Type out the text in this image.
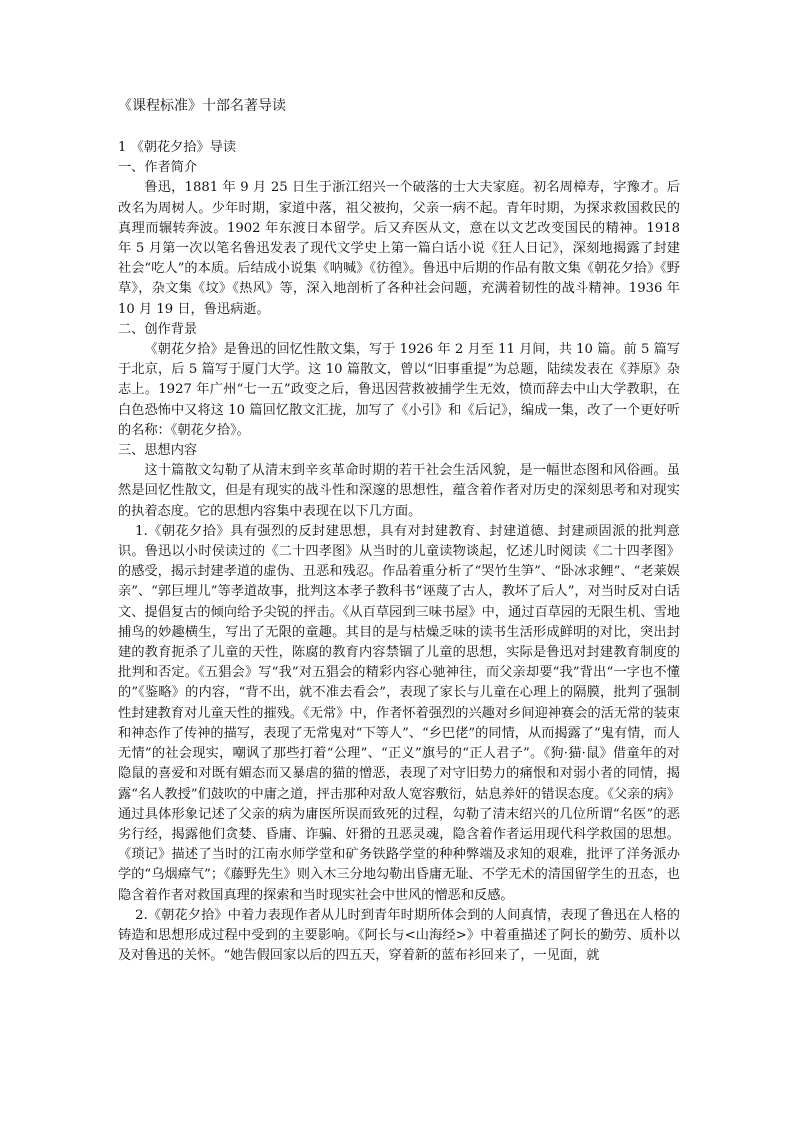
《课程标准》十部名著导读

1 《朝花夕拾》导读

一、作者简介

鲁迅，1881 年 9 月 25 日生于浙江绍兴一个破落的士大夫家庭。初名周樟寿，字豫才。后改名为周树人。少年时期，家道中落，祖父被拘，父亲一病不起。青年时期，为探求救国救民的真理而辗转奔波。1902 年东渡日本留学。后又弃医从文，意在以文艺改变国民的精神。1918 年 5 月第一次以笔名鲁迅发表了现代文学史上第一篇白话小说《狂人日记》，深刻地揭露了封建社会“吃人”的本质。后结成小说集《呐喊》《彷徨》。鲁迅中后期的作品有散文集《朝花夕拾》《野草》，杂文集《坟》《热风》等，深入地剖析了各种社会问题，充满着韧性的战斗精神。1936 年 10 月 19 日，鲁迅病逝。

二、创作背景

《朝花夕拾》是鲁迅的回忆性散文集，写于 1926 年 2 月至 11 月间，共 10 篇。前 5 篇写于北京，后 5 篇写于厦门大学。这 10 篇散文，曾以“旧事重提”为总题，陆续发表在《莽原》杂志上。1927 年广州“七一五”政变之后，鲁迅因营救被捕学生无效，愤而辞去中山大学教职，在白色恐怖中又将这 10 篇回忆散文汇拢，加写了《小引》和《后记》，编成一集，改了一个更好听的名称：《朝花夕拾》。

三、思想内容

这十篇散文勾勒了从清末到辛亥革命时期的若干社会生活风貌，是一幅世态图和风俗画。虽然是回忆性散文，但是有现实的战斗性和深邃的思想性，蕴含着作者对历史的深刻思考和对现实的执着态度。它的思想内容集中表现在以下几方面。

1.《朝花夕拾》具有强烈的反封建思想，具有对封建教育、封建道德、封建顽固派的批判意识。鲁迅以小时侯读过的《二十四孝图》从当时的儿童读物谈起，忆述儿时阅读《二十四孝图》的感受，揭示封建孝道的虚伪、丑恶和残忍。作品着重分析了“哭竹生笋”、“卧冰求鲤”、“老莱娱亲”、“郭巨埋儿”等孝道故事，批判这本孝子教科书“诬蔑了古人，教坏了后人”，对当时反对白话文、提倡复古的倾向给予尖锐的抨击。《从百草园到三味书屋》中，通过百草园的无限生机、雪地捕鸟的妙趣横生，写出了无限的童趣。其目的是与枯燥乏味的读书生活形成鲜明的对比，突出封建的教育扼杀了儿童的天性，陈腐的教育内容禁锢了儿童的思想，实际是鲁迅对封建教育制度的批判和否定。《五猖会》写“我”对五猖会的精彩内容心驰神往，而父亲却要“我”背出“一字也不懂的”《鉴略》的内容，“背不出，就不准去看会”，表现了家长与儿童在心理上的隔膜，批判了强制性封建教育对儿童天性的摧残。《无常》中，作者怀着强烈的兴趣对乡间迎神赛会的活无常的装束和神态作了传神的描写，表现了无常鬼对“下等人”、“乡巴佬”的同情，从而揭露了“鬼有情，而人无情”的社会现实，嘲讽了那些打着“公理”、“正义”旗号的“正人君子”。《狗·猫·鼠》借童年的对隐鼠的喜爱和对既有媚态而又暴虐的猫的憎恶，表现了对守旧势力的痛恨和对弱小者的同情，揭露“名人教授”们鼓吹的中庸之道，抨击那种对敌人宽容敷衍，姑息养奸的错误态度。《父亲的病》通过具体形象记述了父亲的病为庸医所误而致死的过程，勾勒了清末绍兴的几位所谓“名医”的恶劣行经，揭露他们贪婪、昏庸、诈骗、奸猾的丑恶灵魂，隐含着作者运用现代科学救国的思想。《琐记》描述了当时的江南水师学堂和矿务铁路学堂的种种弊端及求知的艰难，批评了洋务派办学的“乌烟瘴气”；《藤野先生》则入木三分地勾勒出昏庸无耻、不学无术的清国留学生的丑态，也隐含着作者对救国真理的探索和当时现实社会中世风的憎恶和反感。

2.《朝花夕拾》中着力表现作者从儿时到青年时期所体会到的人间真情，表现了鲁迅在人格的铸造和思想形成过程中受到的主要影响。《阿长与<山海经>》中着重描述了阿长的勤劳、质朴以及对鲁迅的关怀。“她告假回家以后的四五天，穿着新的蓝布衫回来了，一见面，就
